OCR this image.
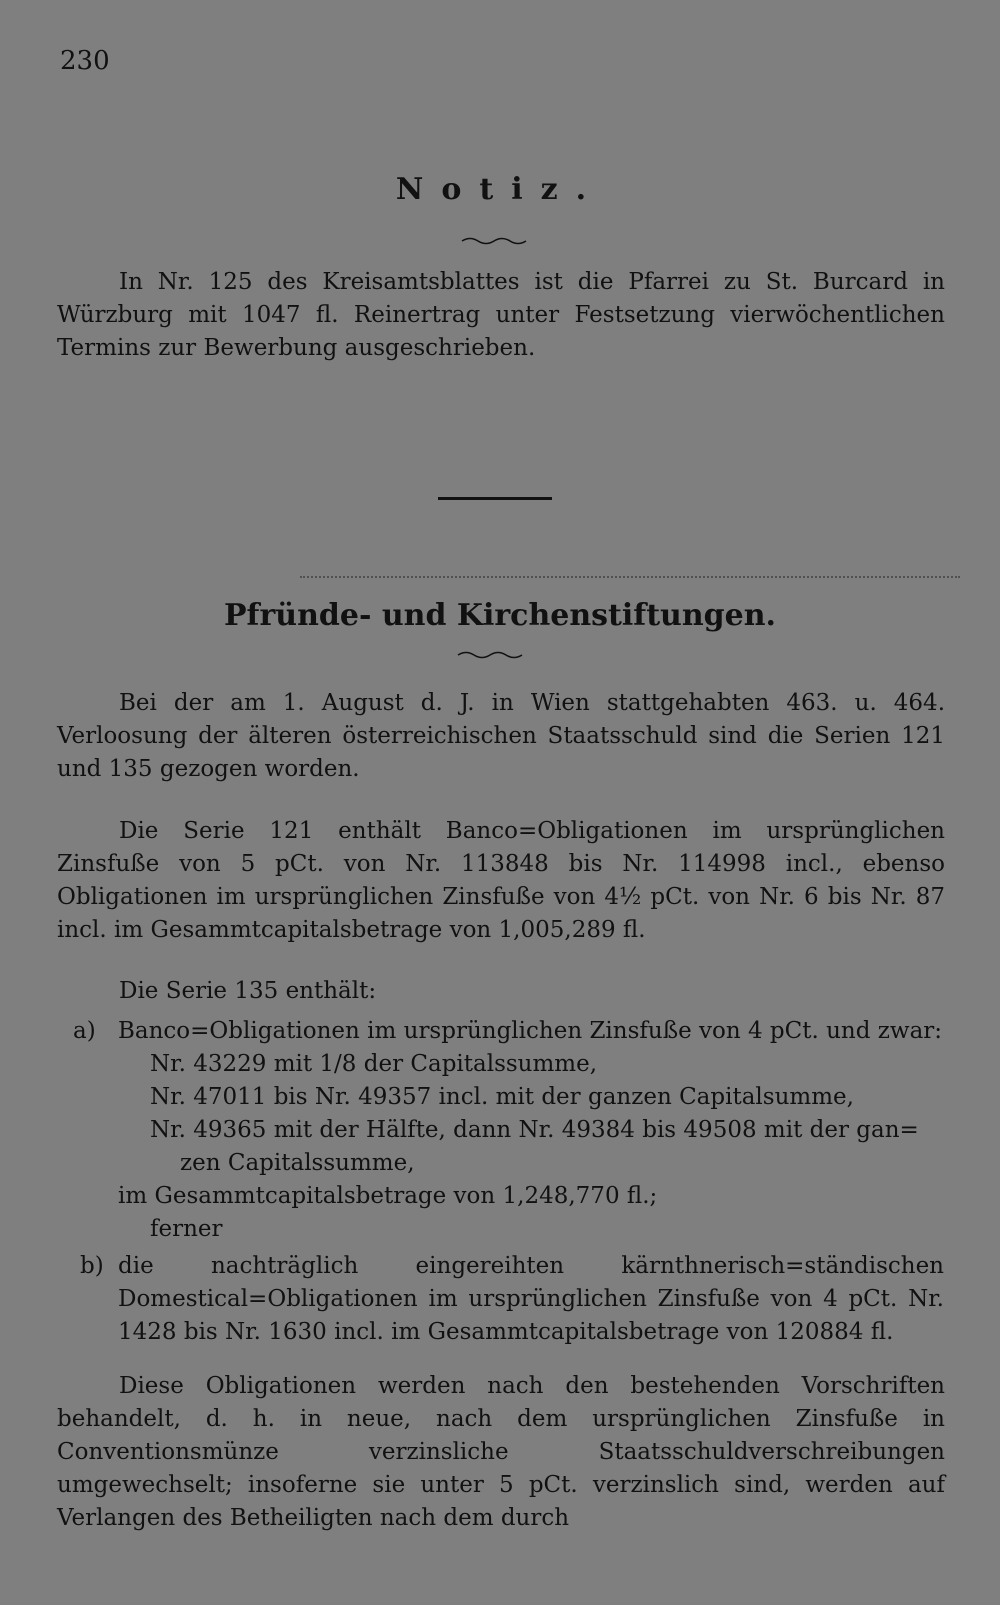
230
Notiz.

In Nr. 125 des Kreisamtsblattes ist die Pfarrei zu St. Burcard in Würzburg mit 1047 fl. Reinertrag unter Festsetzung vierwöchentlichen Termins zur Bewerbung ausgeschrieben.

Pfründe- und Kirchenstiftungen.

Bei der am 1. August d. J. in Wien stattgehabten 463. u. 464. Verloosung der älteren österreichischen Staatsschuld sind die Serien 121 und 135 gezogen worden.

Die Serie 121 enthält Banco=Obligationen im ursprünglichen Zinsfuße von 5 pCt. von Nr. 113848 bis Nr. 114998 incl., ebenso Obligationen im ursprünglichen Zinsfuße von 4½ pCt. von Nr. 6 bis Nr. 87 incl. im Gesammtcapitalsbetrage von 1,005,289 fl.

Die Serie 135 enthält:

a) Banco=Obligationen im ursprünglichen Zinsfuße von 4 pCt. und zwar:
Nr. 43229 mit 1/8 der Capitalssumme,
Nr. 47011 bis Nr. 49357 incl. mit der ganzen Capitalsumme,
Nr. 49365 mit der Hälfte, dann Nr. 49384 bis 49508 mit der gan=
zen Capitalssumme,
im Gesammtcapitalsbetrage von 1,248,770 fl.;
ferner
b) die nachträglich eingereihten kärnthnerisch=ständischen Domestical=Obligationen im ursprünglichen Zinsfuße von 4 pCt. Nr. 1428 bis Nr. 1630 incl. im Gesammtcapitalsbetrage von 120884 fl.

Diese Obligationen werden nach den bestehenden Vorschriften behandelt, d. h. in neue, nach dem ursprünglichen Zinsfuße in Conventionsmünze verzinsliche Staatsschuldverschreibungen umgewechselt; insoferne sie unter 5 pCt. verzinslich sind, werden auf Verlangen des Betheiligten nach dem durch
